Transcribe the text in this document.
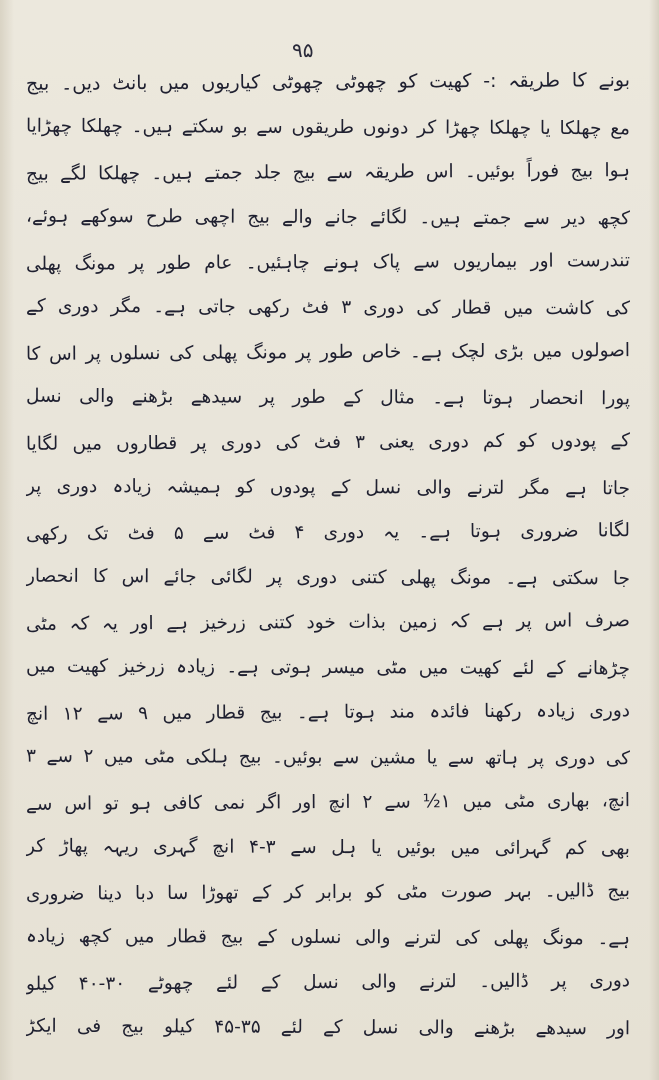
۹۵
بونے کا طریقہ :- کھیت کو چھوٹی چھوٹی کیاریوں میں بانٹ دیں۔ بیج
مع چھلکا یا چھلکا چھڑا کر دونوں طریقوں سے بو سکتے ہیں۔ چھلکا چھڑایا
ہوا بیج فوراً بوئیں۔ اس طریقہ سے بیج جلد جمتے ہیں۔ چھلکا لگے بیج
کچھ دیر سے جمتے ہیں۔ لگائے جانے والے بیج اچھی طرح سوکھے ہوئے،
تندرست اور بیماریوں سے پاک ہونے چاہئیں۔ عام طور پر مونگ پھلی
کی کاشت میں قطار کی دوری ۳ فٹ رکھی جاتی ہے۔ مگر دوری کے
اصولوں میں بڑی لچک ہے۔ خاص طور پر مونگ پھلی کی نسلوں پر اس کا
پورا انحصار ہوتا ہے۔ مثال کے طور پر سیدھے بڑھنے والی نسل
کے پودوں کو کم دوری یعنی ۳ فٹ کی دوری پر قطاروں میں لگایا
جاتا ہے مگر لترنے والی نسل کے پودوں کو ہمیشہ زیادہ دوری پر
لگانا ضروری ہوتا ہے۔ یہ دوری ۴ فٹ سے ۵ فٹ تک رکھی
جا سکتی ہے۔ مونگ پھلی کتنی دوری پر لگائی جائے اس کا انحصار
صرف اس پر ہے کہ زمین بذات خود کتنی زرخیز ہے اور یہ کہ مٹی
چڑھانے کے لئے کھیت میں مٹی میسر ہوتی ہے۔ زیادہ زرخیز کھیت میں
دوری زیادہ رکھنا فائدہ مند ہوتا ہے۔ بیج قطار میں ۹ سے ۱۲ انچ
کی دوری پر ہاتھ سے یا مشین سے بوئیں۔ بیج ہلکی مٹی میں ۲ سے ۳
انچ، بھاری مٹی میں ۱½ سے ۲ انچ اور اگر نمی کافی ہو تو اس سے
بھی کم گہرائی میں بوئیں یا ہل سے ۳-۴ انچ گہری ریہہ پھاڑ کر
بیج ڈالیں۔ بہر صورت مٹی کو برابر کر کے تھوڑا سا دبا دینا ضروری
ہے۔ مونگ پھلی کی لترنے والی نسلوں کے بیج قطار میں کچھ زیادہ
دوری پر ڈالیں۔ لترنے والی نسل کے لئے چھوٹے ۳۰-۴۰ کیلو
اور سیدھے بڑھنے والی نسل کے لئے ۳۵-۴۵ کیلو بیج فی ایکڑ
